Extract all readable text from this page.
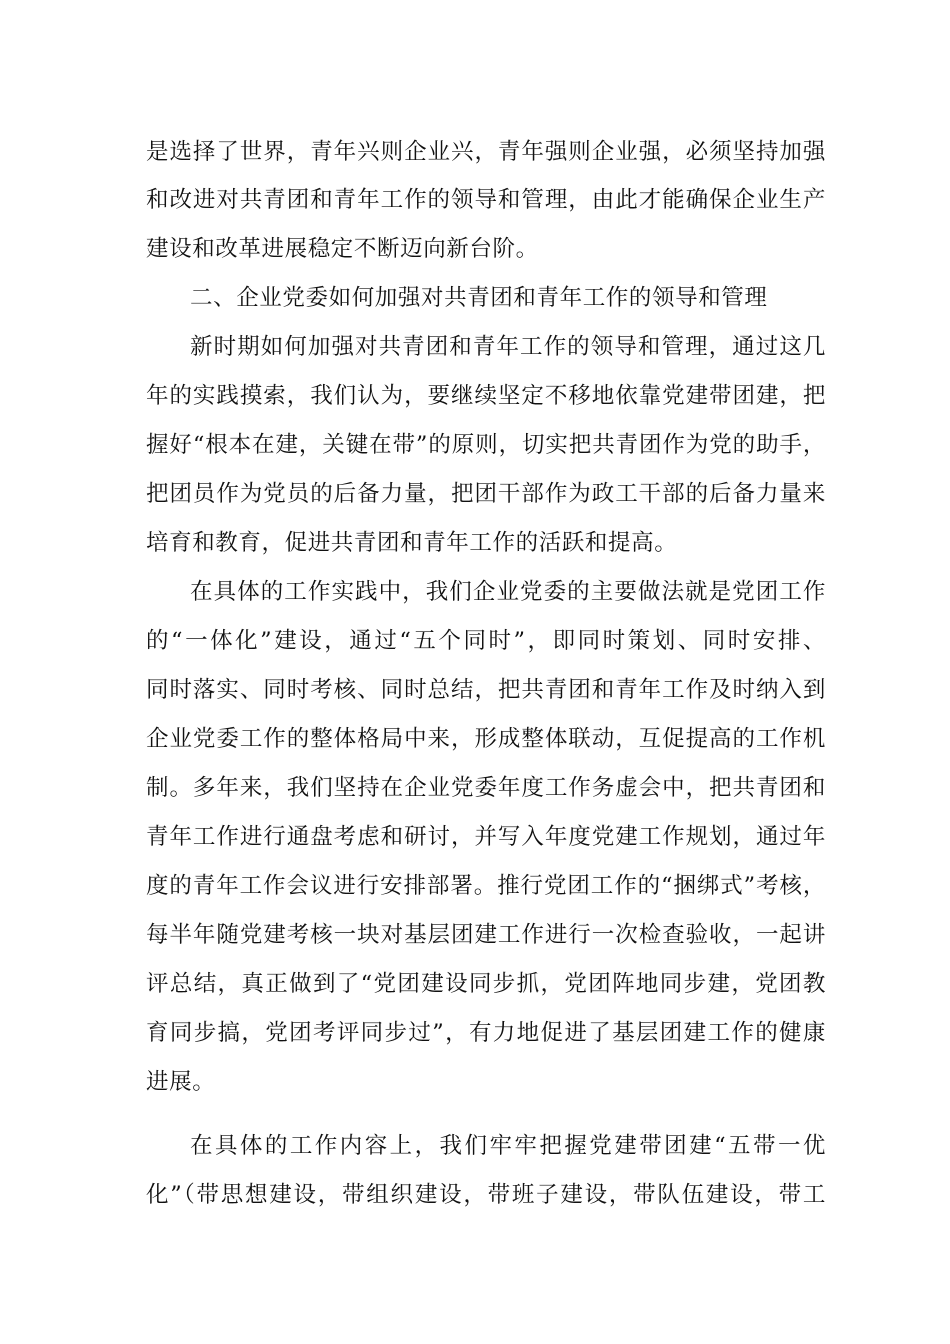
是选择了世界，青年兴则企业兴，青年强则企业强，必须坚持加强
和改进对共青团和青年工作的领导和管理，由此才能确保企业生产
建设和改革进展稳定不断迈向新台阶。
二、企业党委如何加强对共青团和青年工作的领导和管理
新时期如何加强对共青团和青年工作的领导和管理，通过这几
年的实践摸索，我们认为，要继续坚定不移地依靠党建带团建，把
握好“根本在建，关键在带”的原则，切实把共青团作为党的助手，
把团员作为党员的后备力量，把团干部作为政工干部的后备力量来
培育和教育，促进共青团和青年工作的活跃和提高。
在具体的工作实践中，我们企业党委的主要做法就是党团工作
的“一体化”建设，通过“五个同时”，即同时策划、同时安排、
同时落实、同时考核、同时总结，把共青团和青年工作及时纳入到
企业党委工作的整体格局中来，形成整体联动，互促提高的工作机
制。多年来，我们坚持在企业党委年度工作务虚会中，把共青团和
青年工作进行通盘考虑和研讨，并写入年度党建工作规划，通过年
度的青年工作会议进行安排部署。推行党团工作的“捆绑式”考核，
每半年随党建考核一块对基层团建工作进行一次检查验收，一起讲
评总结，真正做到了“党团建设同步抓，党团阵地同步建，党团教
育同步搞，党团考评同步过”，有力地促进了基层团建工作的健康
进展。
在具体的工作内容上，我们牢牢把握党建带团建“五带一优
化”（带思想建设，带组织建设，带班子建设，带队伍建设，带工
